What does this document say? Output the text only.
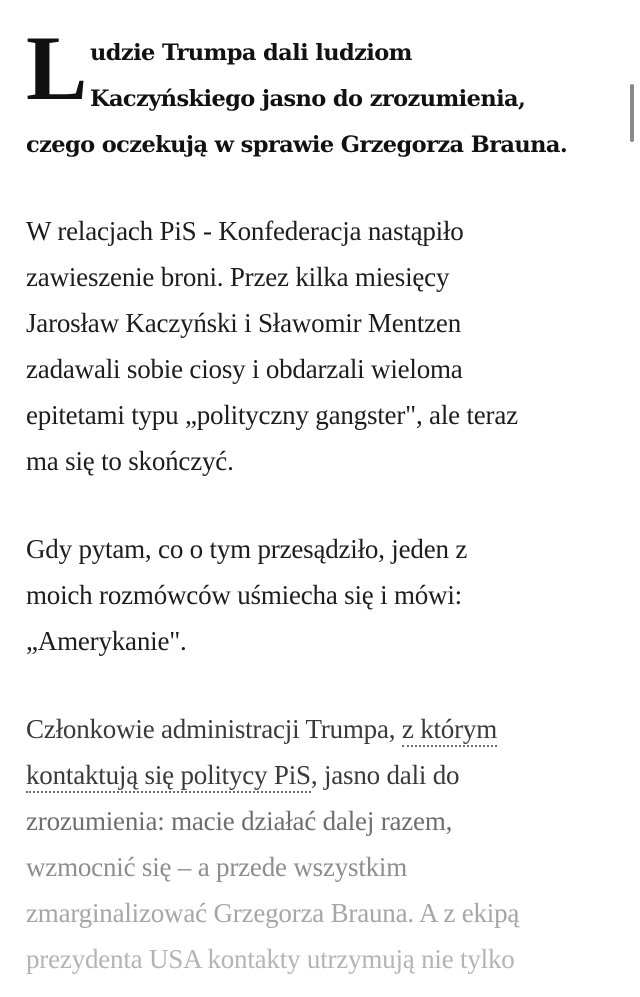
L udzie Trumpa dali ludziom
Kaczyńskiego jasno do zrozumienia,
czego oczekują w sprawie Grzegorza Brauna.

W relacjach PiS - Konfederacja nastąpiło
zawieszenie broni. Przez kilka miesięcy
Jarosław Kaczyński i Sławomir Mentzen
zadawali sobie ciosy i obdarzali wieloma
epitetami typu „polityczny gangster", ale teraz
ma się to skończyć.

Gdy pytam, co o tym przesądziło, jeden z
moich rozmówców uśmiecha się i mówi:
„Amerykanie".

Członkowie administracji Trumpa, z którym
kontaktują się politycy PiS, jasno dali do
zrozumienia: macie działać dalej razem,
wzmocnić się – a przede wszystkim
zmarginalizować Grzegorza Brauna. A z ekipą
prezydenta USA kontakty utrzymują nie tylko
